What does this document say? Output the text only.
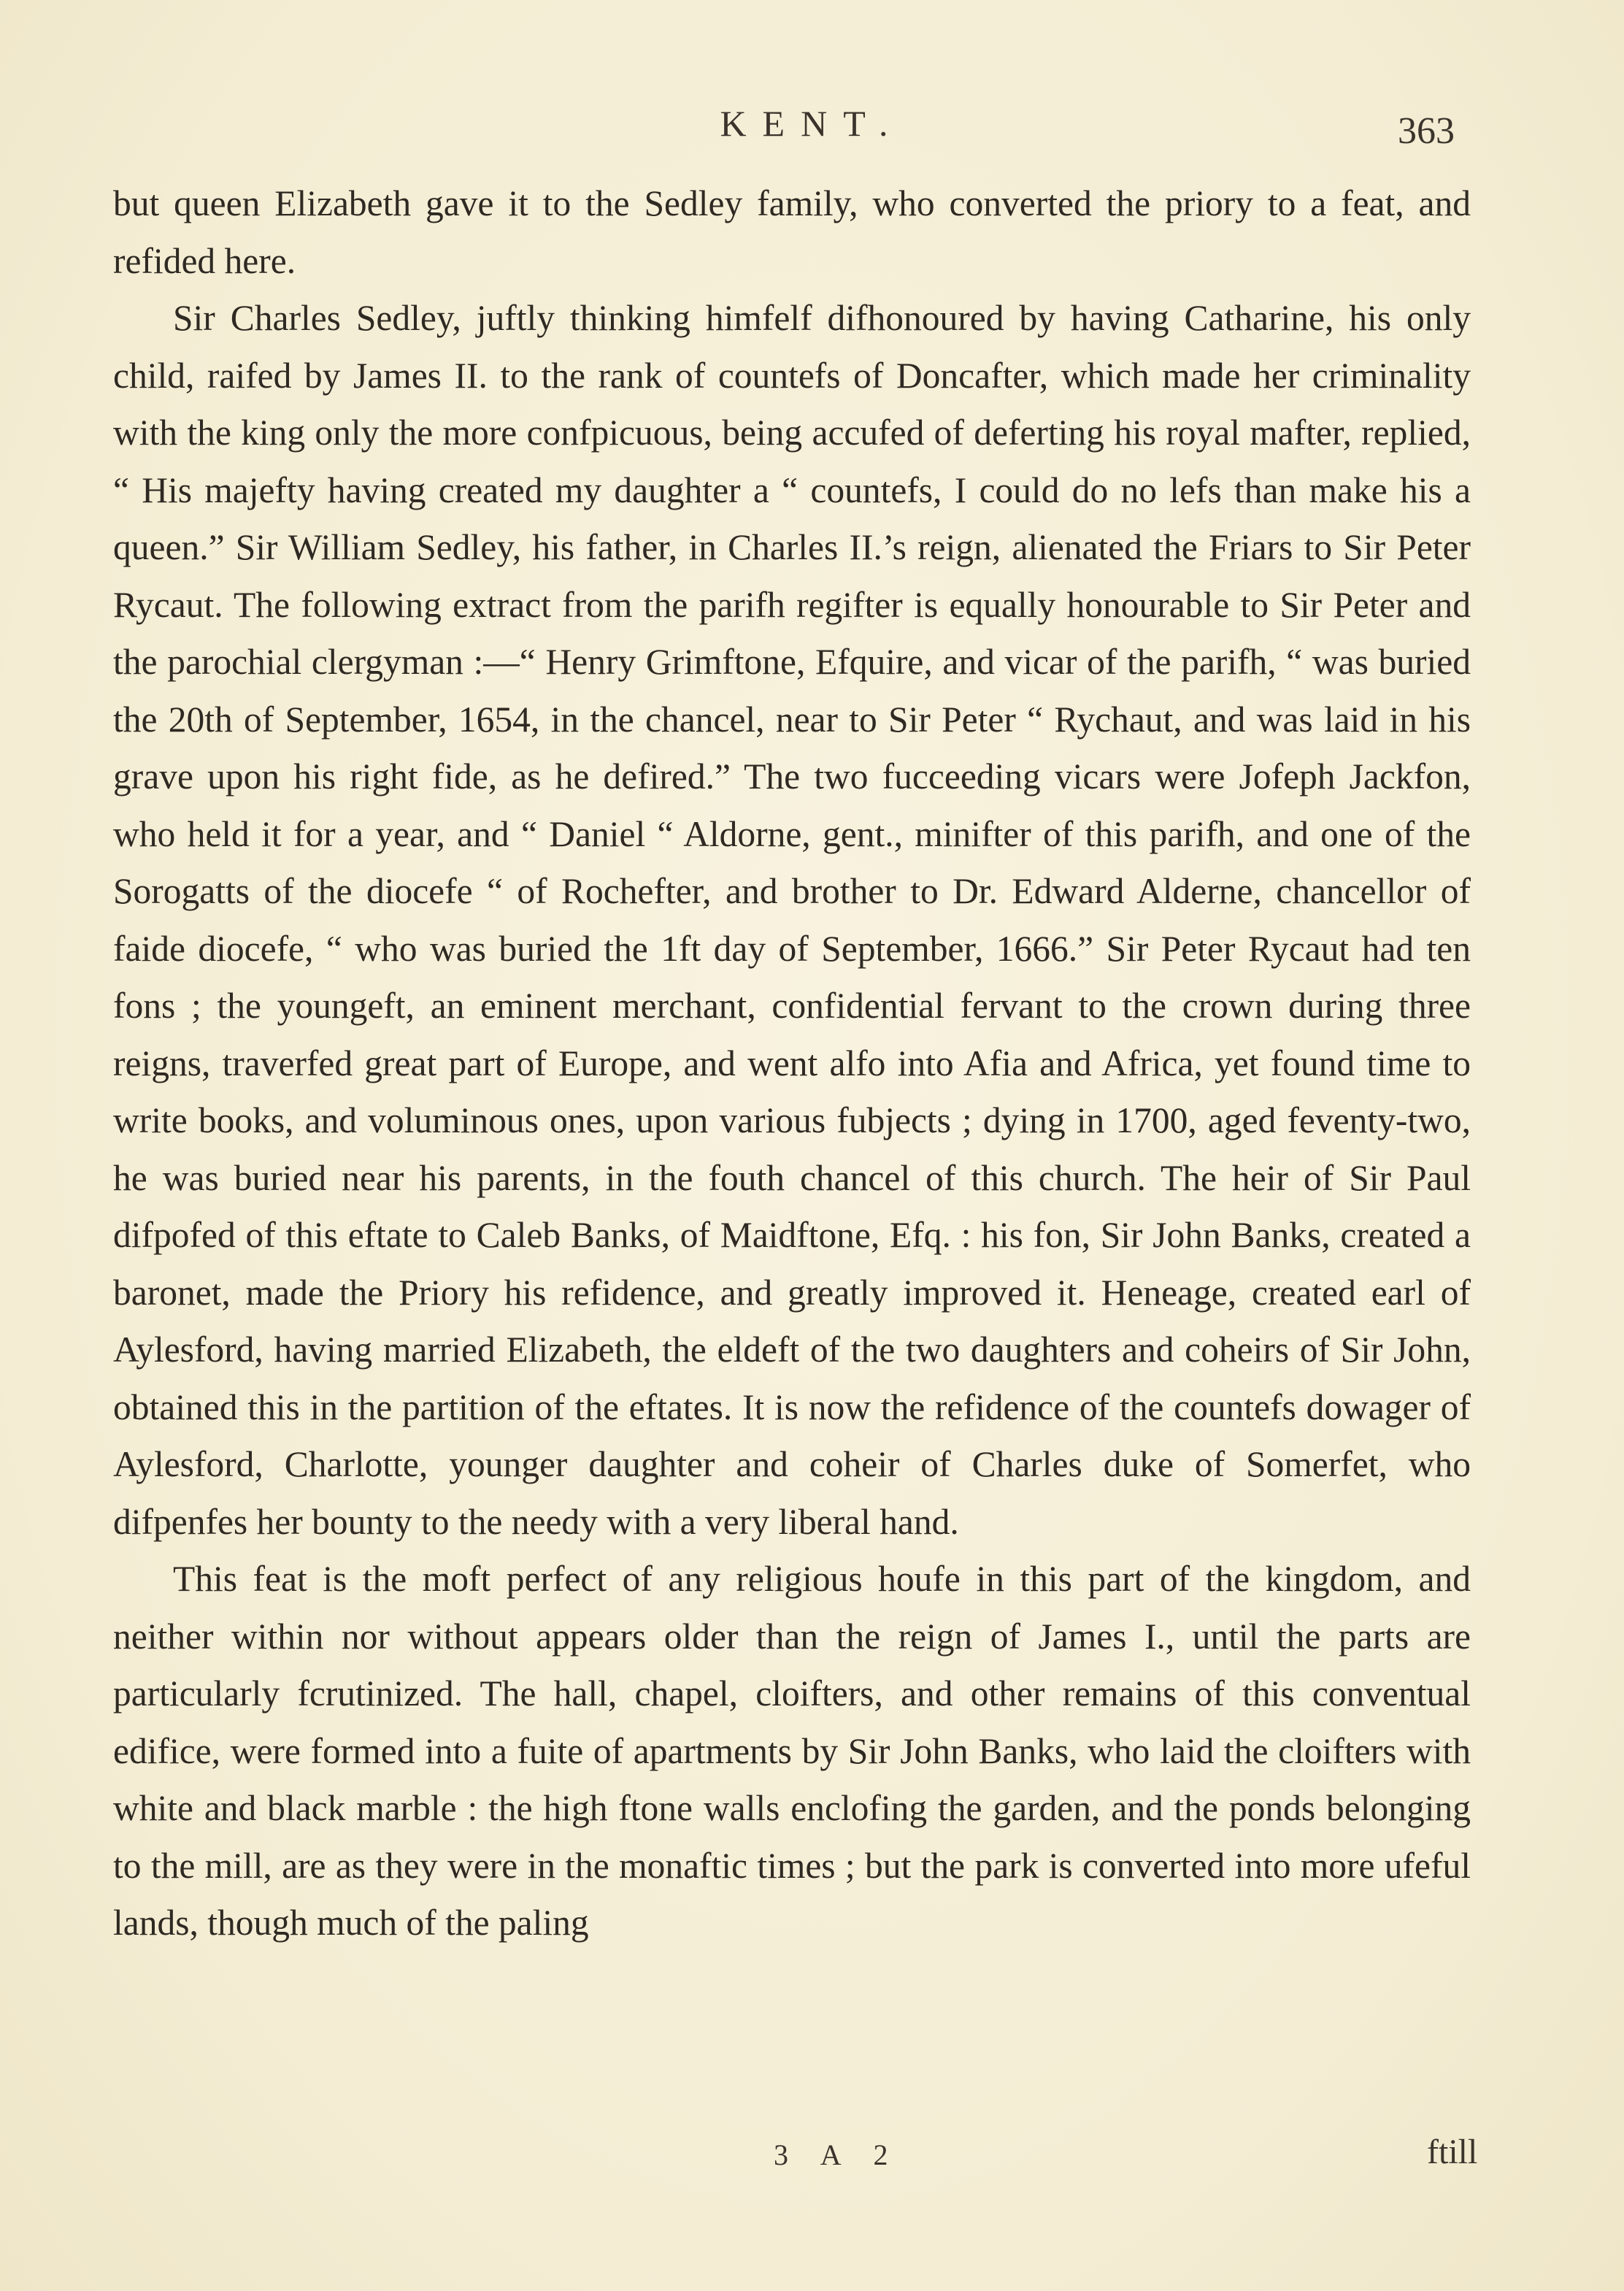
KENT.	363

but queen Elizabeth gave it to the Sedley family, who converted the priory to a feat, and refided here.

Sir Charles Sedley, juftly thinking himfelf difhonoured by having Catharine, his only child, raifed by James II. to the rank of countefs of Doncafter, which made her criminality with the king only the more confpicuous, being accufed of deferting his royal mafter, replied, “ His majefty having created my daughter a “ countefs, I could do no lefs than make his a queen.” Sir William Sedley, his father, in Charles II.’s reign, alienated the Friars to Sir Peter Rycaut. The following extract from the parifh regifter is equally honourable to Sir Peter and the parochial clergyman :—“ Henry Grimftone, Efquire, and vicar of the parifh, “ was buried the 20th of September, 1654, in the chancel, near to Sir Peter “ Rychaut, and was laid in his grave upon his right fide, as he defired.” The two fucceeding vicars were Jofeph Jackfon, who held it for a year, and “ Daniel “ Aldorne, gent., minifter of this parifh, and one of the Sorogatts of the diocefe “ of Rochefter, and brother to Dr. Edward Alderne, chancellor of faide diocefe, “ who was buried the 1ft day of September, 1666.” Sir Peter Rycaut had ten fons ; the youngeft, an eminent merchant, confidential fervant to the crown during three reigns, traverfed great part of Europe, and went alfo into Afia and Africa, yet found time to write books, and voluminous ones, upon various fubjects ; dying in 1700, aged feventy-two, he was buried near his parents, in the fouth chancel of this church. The heir of Sir Paul difpofed of this eftate to Caleb Banks, of Maidftone, Efq. : his fon, Sir John Banks, created a baronet, made the Priory his refidence, and greatly improved it. Heneage, created earl of Aylesford, having married Elizabeth, the eldeft of the two daughters and coheirs of Sir John, obtained this in the partition of the eftates. It is now the refidence of the countefs dowager of Aylesford, Charlotte, younger daughter and coheir of Charles duke of Somerfet, who difpenfes her bounty to the needy with a very liberal hand.

This feat is the moft perfect of any religious houfe in this part of the kingdom, and neither within nor without appears older than the reign of James I., until the parts are particularly fcrutinized. The hall, chapel, cloifters, and other remains of this conventual edifice, were formed into a fuite of apartments by Sir John Banks, who laid the cloifters with white and black marble : the high ftone walls enclofing the garden, and the ponds belonging to the mill, are as they were in the monaftic times ; but the park is converted into more ufeful lands, though much of the paling

3 A 2	ftill
